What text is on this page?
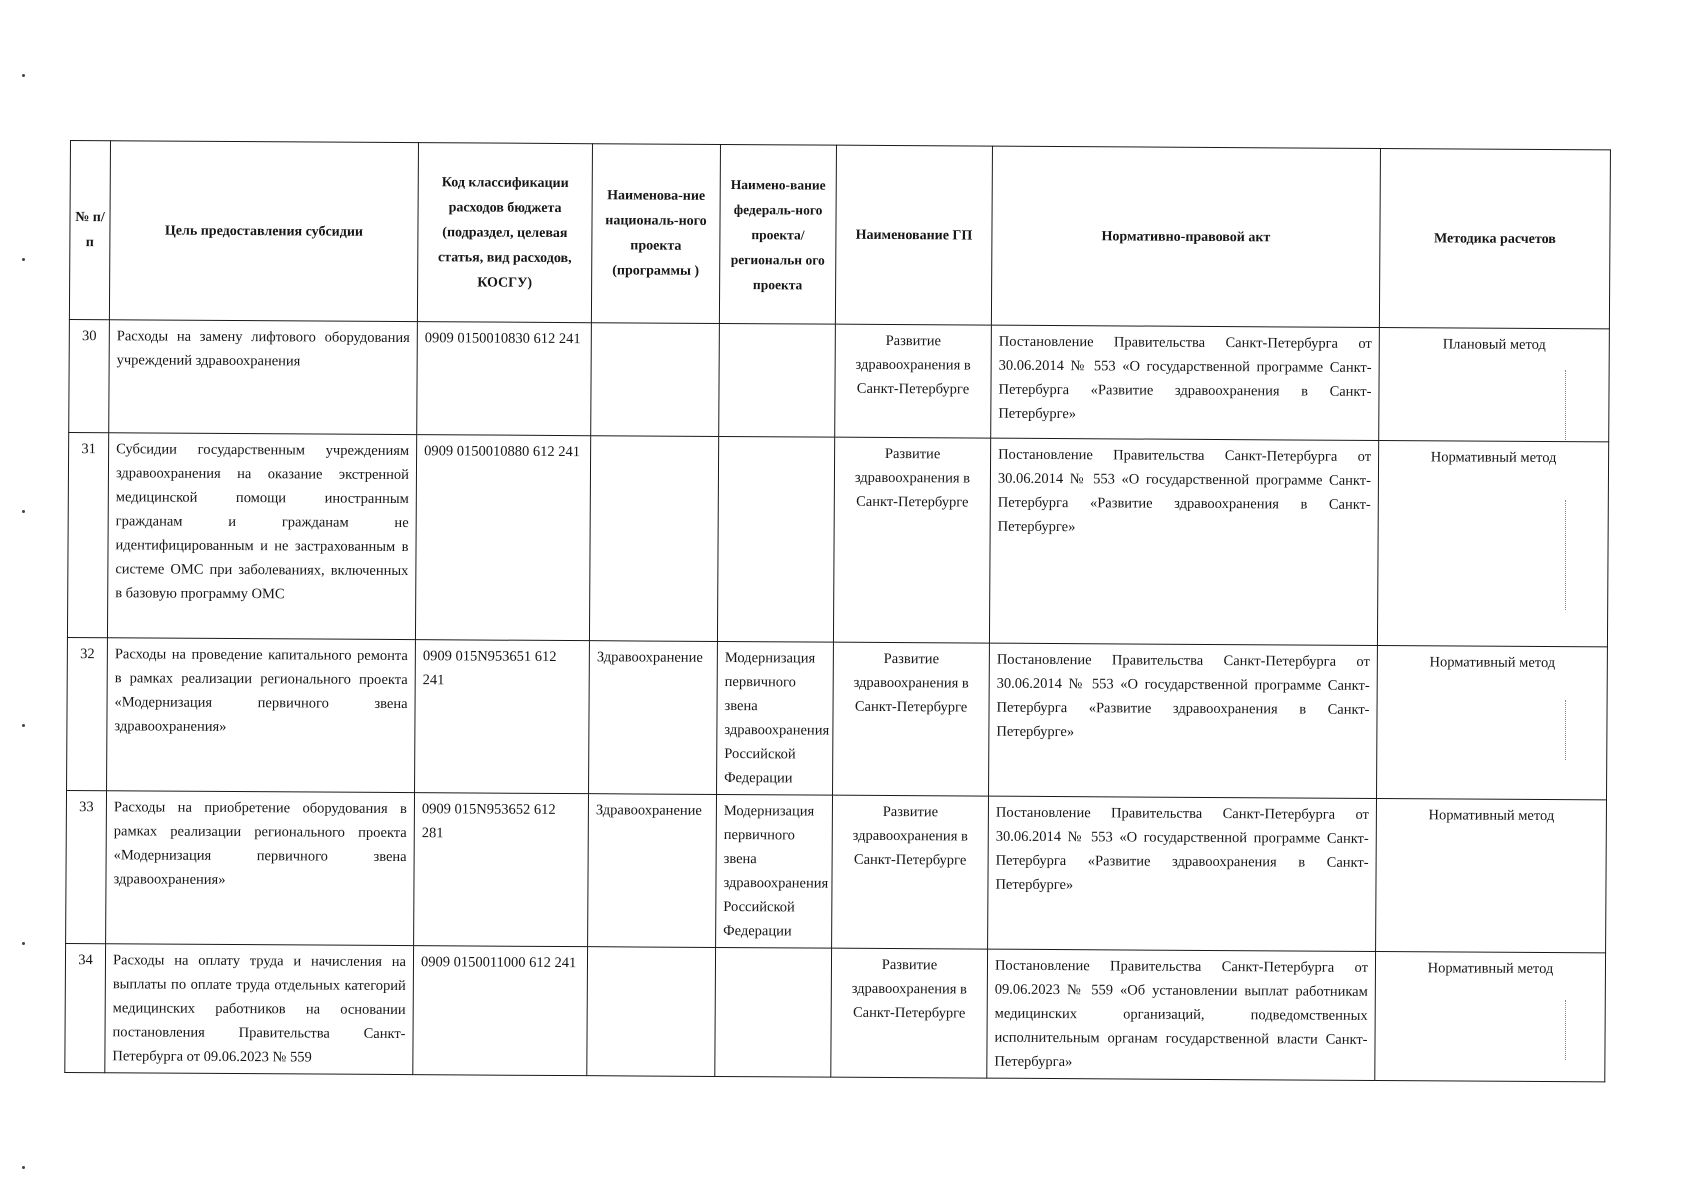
№ п/ п	Цель предоставления субсидии	Код классификации расходов бюджета (подраздел, целевая статья, вид расходов, КОСГУ)	Наименова-ние националь-ного проекта (программы )	Наимено-вание федераль-ного проекта/ региональн ого проекта	Наименование ГП	Нормативно-правовой акт	Методика расчетов
30	Расходы на замену лифтового оборудования учреждений здравоохранения	0909 0150010830 612 241			Развитие здравоохранения в Санкт-Петербурге	Постановление Правительства Санкт-Петербурга от 30.06.2014 № 553 «О государственной программе Санкт-Петербурга «Развитие здравоохранения в Санкт-Петербурге»	Плановый метод
31	Субсидии государственным учреждениям здравоохранения на оказание экстренной медицинской помощи иностранным гражданам и гражданам не идентифицированным и не застрахованным в системе ОМС при заболеваниях, включенных в базовую программу ОМС	0909 0150010880 612 241			Развитие здравоохранения в Санкт-Петербурге	Постановление Правительства Санкт-Петербурга от 30.06.2014 № 553 «О государственной программе Санкт-Петербурга «Развитие здравоохранения в Санкт-Петербурге»	Нормативный метод
32	Расходы на проведение капитального ремонта в рамках реализации регионального проекта «Модернизация первичного звена здравоохранения»	0909 015N953651 612 241	Здравоохранение	Модернизация первичного звена здравоохранения Российской Федерации	Развитие здравоохранения в Санкт-Петербурге	Постановление Правительства Санкт-Петербурга от 30.06.2014 № 553 «О государственной программе Санкт-Петербурга «Развитие здравоохранения в Санкт-Петербурге»	Нормативный метод
33	Расходы на приобретение оборудования в рамках реализации регионального проекта «Модернизация первичного звена здравоохранения»	0909 015N953652 612 281	Здравоохранение	Модернизация первичного звена здравоохранения Российской Федерации	Развитие здравоохранения в Санкт-Петербурге	Постановление Правительства Санкт-Петербурга от 30.06.2014 № 553 «О государственной программе Санкт-Петербурга «Развитие здравоохранения в Санкт-Петербурге»	Нормативный метод
34	Расходы на оплату труда и начисления на выплаты по оплате труда отдельных категорий медицинских работников на основании постановления Правительства Санкт-Петербурга от 09.06.2023 № 559	0909 0150011000 612 241			Развитие здравоохранения в Санкт-Петербурге	Постановление Правительства Санкт-Петербурга от 09.06.2023 № 559 «Об установлении выплат работникам медицинских организаций, подведомственных исполнительным органам государственной власти Санкт-Петербурга»	Нормативный метод
